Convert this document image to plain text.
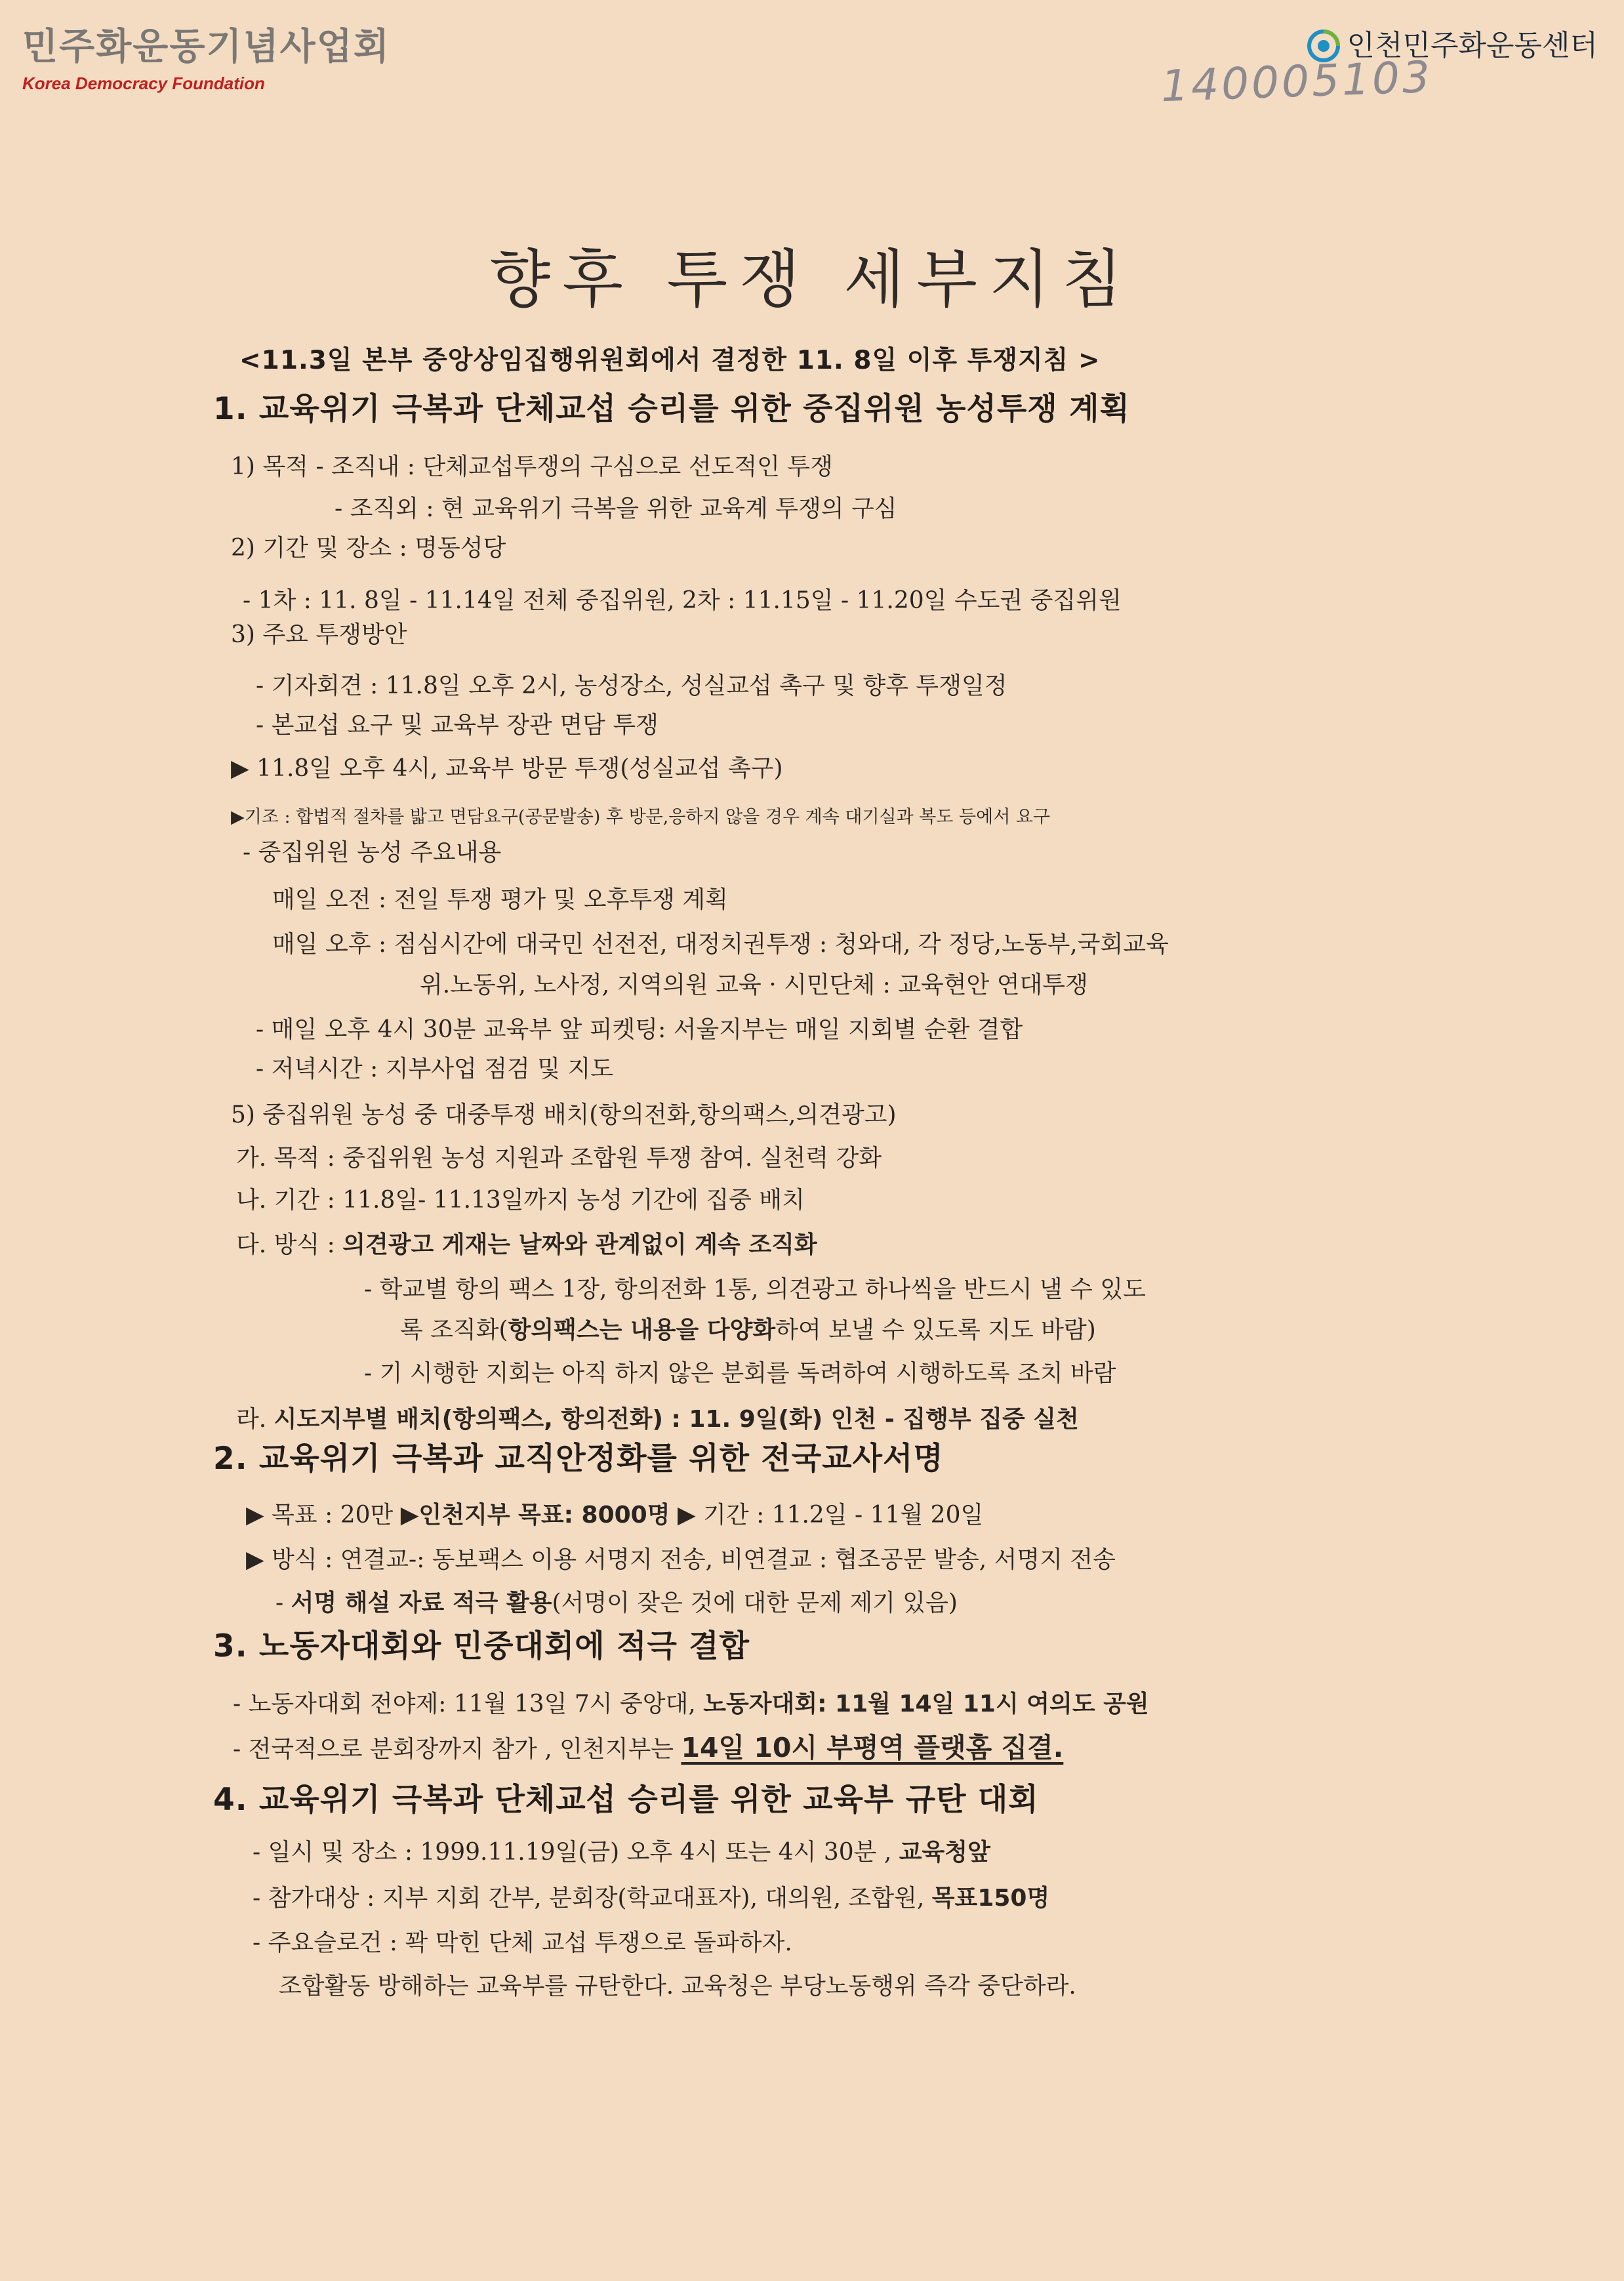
민주화운동기념사업회
Korea Democracy Foundation
인천민주화운동센터
140005103
향후 투쟁 세부지침
<11.3일 본부 중앙상임집행위원회에서 결정한 11. 8일 이후 투쟁지침 >
1. 교육위기 극복과 단체교섭 승리를 위한 중집위원 농성투쟁 계획
1) 목적 - 조직내 : 단체교섭투쟁의 구심으로 선도적인 투쟁
- 조직외 : 현 교육위기 극복을 위한 교육계 투쟁의 구심
2) 기간 및 장소 : 명동성당
- 1차 : 11. 8일 - 11.14일 전체 중집위원, 2차 : 11.15일 - 11.20일 수도권 중집위원
3) 주요 투쟁방안
- 기자회견 : 11.8일 오후 2시, 농성장소, 성실교섭 촉구 및 향후 투쟁일정
- 본교섭 요구 및 교육부 장관 면담 투쟁
▶ 11.8일 오후 4시, 교육부 방문 투쟁(성실교섭 촉구)
▶기조 : 합법적 절차를 밟고 면담요구(공문발송) 후 방문,응하지 않을 경우 계속 대기실과 복도 등에서 요구
- 중집위원 농성 주요내용
매일 오전 : 전일 투쟁 평가 및 오후투쟁 계획
매일 오후 : 점심시간에 대국민 선전전, 대정치권투쟁 : 청와대, 각 정당,노동부,국회교육
위.노동위, 노사정, 지역의원 교육 · 시민단체 : 교육현안 연대투쟁
- 매일 오후 4시 30분 교육부 앞 피켓팅: 서울지부는 매일 지회별 순환 결합
- 저녁시간 : 지부사업 점검 및 지도
5) 중집위원 농성 중 대중투쟁 배치(항의전화,항의팩스,의견광고)
가. 목적 : 중집위원 농성 지원과 조합원 투쟁 참여. 실천력 강화
나. 기간 : 11.8일- 11.13일까지 농성 기간에 집중 배치
다. 방식 : 의견광고 게재는 날짜와 관계없이 계속 조직화
- 학교별 항의 팩스 1장, 항의전화 1통, 의견광고 하나씩을 반드시 낼 수 있도
록 조직화(항의팩스는 내용을 다양화하여 보낼 수 있도록 지도 바람)
- 기 시행한 지회는 아직 하지 않은 분회를 독려하여 시행하도록 조치 바람
라. 시도지부별 배치(항의팩스, 항의전화) : 11. 9일(화) 인천 - 집행부 집중 실천
2. 교육위기 극복과 교직안정화를 위한 전국교사서명
▶ 목표 : 20만 ▶인천지부 목표: 8000명 ▶ 기간 : 11.2일 - 11월 20일
▶ 방식 : 연결교-: 동보팩스 이용 서명지 전송, 비연결교 : 협조공문 발송, 서명지 전송
- 서명 해설 자료 적극 활용(서명이 잦은 것에 대한 문제 제기 있음)
3. 노동자대회와 민중대회에 적극 결합
- 노동자대회 전야제: 11월 13일 7시 중앙대, 노동자대회: 11월 14일 11시 여의도 공원
- 전국적으로 분회장까지 참가 , 인천지부는 14일 10시 부평역 플랫홈 집결.
4. 교육위기 극복과 단체교섭 승리를 위한 교육부 규탄 대회
- 일시 및 장소 : 1999.11.19일(금) 오후 4시 또는 4시 30분 , 교육청앞
- 참가대상 : 지부 지회 간부, 분회장(학교대표자), 대의원, 조합원, 목표150명
- 주요슬로건 : 꽉 막힌 단체 교섭 투쟁으로 돌파하자.
조합활동 방해하는 교육부를 규탄한다. 교육청은 부당노동행위 즉각 중단하라.
